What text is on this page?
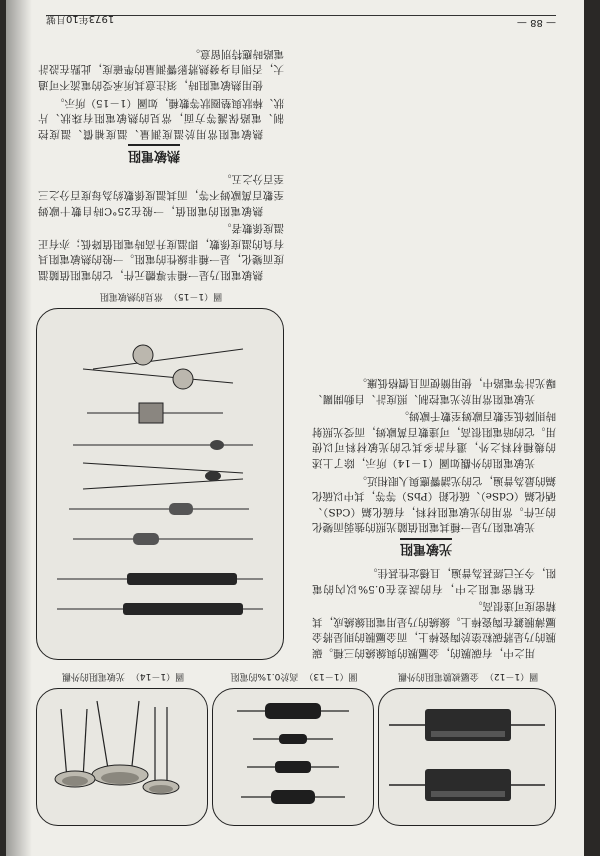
— 88 —
1973年10月號
圖（1－12）金屬被膜電阻的外觀
圖（1－13）高於0.1%的電阻
圖（1－14）光敏電阻的外觀

用之中，有碳膜的，金屬膜的與線繞的三種。碳膜的乃是將碳粒塗於陶瓷棒上，而金屬膜的則是將金屬薄膜鍍在陶瓷棒上。線繞的乃是用電阻線繞成，其精密度可達很高。

在精密電阻之中，有的誤差在0.5%以內的電阻，今天已經甚為普遍，且穩定性甚佳。

光敏電阻

光敏電阻乃是一種其電阻值隨光照的強弱而變化的元件。常用的光敏電阻材料，有硫化鎘（CdS）、硒化鎘（CdSe）、硫化鉛（PbS）等等，其中以硫化鎘的最為普遍，它的光譜響應與人眼相近。

光敏電阻的外觀如圖（1－14）所示，除了上述的幾種材料之外，還有許多其它的光敏材料可以使用。它的暗電阻很高，可達數百萬歐姆，而受光照射時則降低至數百歐姆至數千歐姆。

光敏電阻常用於光電控制、照度計、自動開關、曝光計等電路中，使用簡便而且價格低廉。

圖（1－15）常見的熱敏電阻

熱敏電阻乃是一種半導體元件，它的電阻值隨溫度而變化，是一種非線性的電阻。一般的熱敏電阻具有負的溫度係數，即溫度升高時電阻值降低；亦有正溫度係數者。

熱敏電阻的電阻值，一般在25°C時自數十歐姆至數百萬歐姆不等，而其溫度係數約為每度百分之三至百分之五。

熱敏電阻

熱敏電阻常用於溫度測量、溫度補償、溫度控制、電路保護等方面，常見的熱敏電阻有珠狀、片狀、棒狀與墊圈狀等數種，如圖（1－15）所示。

使用熱敏電阻時，須注意其所承受的電流不可過大，否則自身發熱將影響測量的準確度，此點在設計電路時應特別留意。
